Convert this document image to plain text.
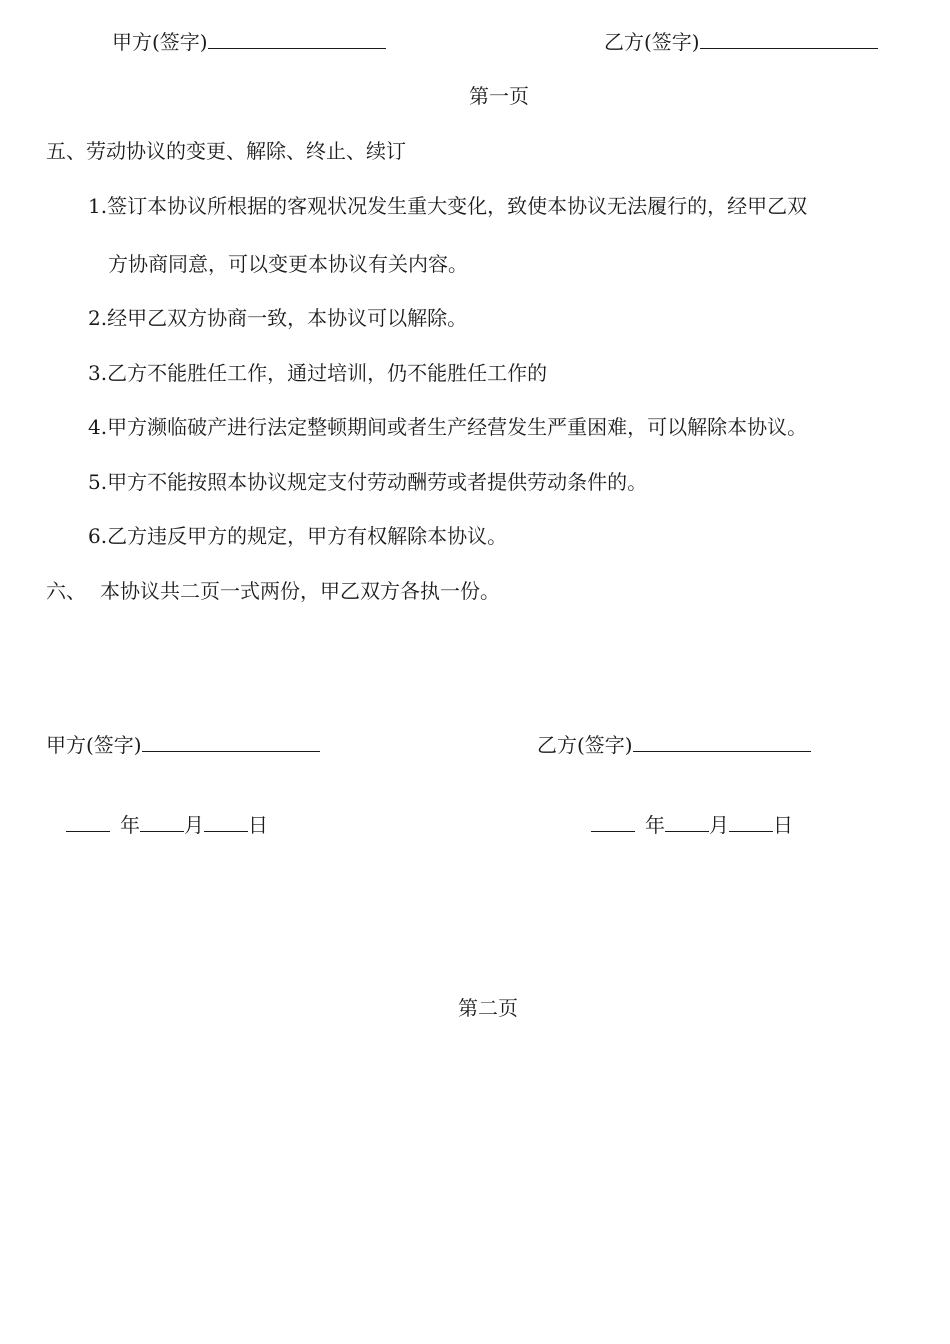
甲方(签字)	乙方(签字)
第一页
五、劳动协议的变更、解除、终止、续订
1.签订本协议所根据的客观状况发生重大变化，致使本协议无法履行的，经甲乙双
方协商同意，可以变更本协议有关内容。
2.经甲乙双方协商一致，本协议可以解除。
3.乙方不能胜任工作，通过培训，仍不能胜任工作的
4.甲方濒临破产进行法定整顿期间或者生产经营发生严重困难，可以解除本协议。
5.甲方不能按照本协议规定支付劳动酬劳或者提供劳动条件的。
6.乙方违反甲方的规定，甲方有权解除本协议。
六、 本协议共二页一式两份，甲乙双方各执一份。
甲方(签字)	乙方(签字)
年 月 日	年 月 日
第二页
